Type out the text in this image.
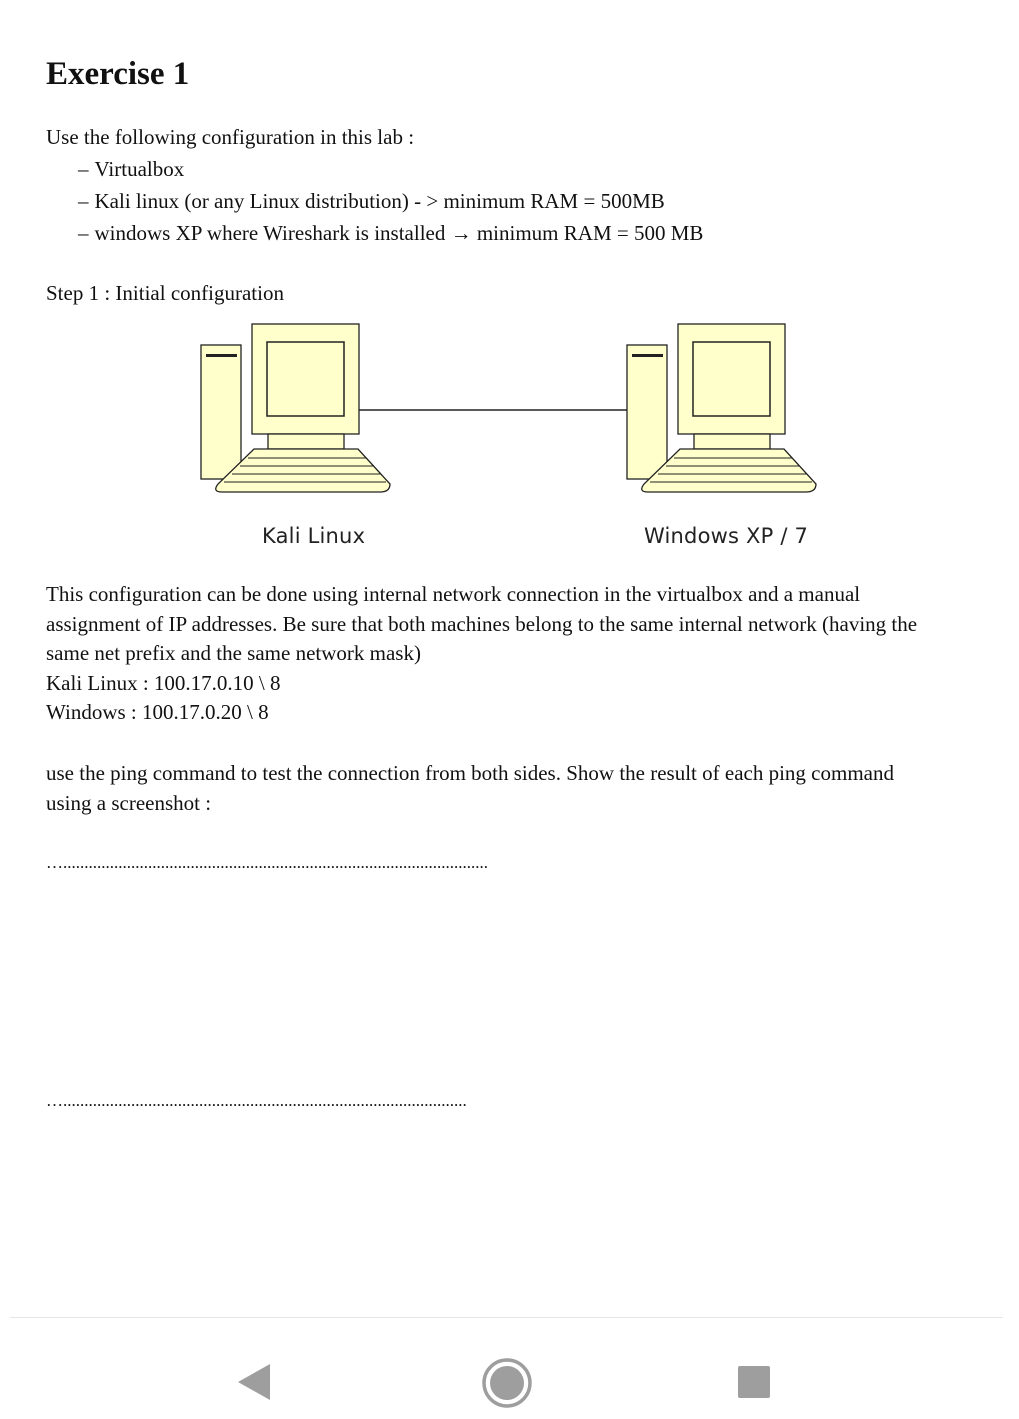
Exercise 1

Use the following configuration in this lab :

– Virtualbox

– Kali linux (or any Linux distribution) - > minimum RAM = 500MB

– windows XP where Wireshark is installed → minimum RAM = 500 MB

Step 1 : Initial configuration

Kali Linux	Windows XP / 7
This configuration can be done using internal network connection in the virtualbox and a manual
assignment of IP addresses. Be sure that both machines belong to the same internal network (having the
same net prefix and the same network mask)
Kali Linux : 100.17.0.10 \ 8
Windows : 100.17.0.20 \ 8
use the ping command to test the connection from both sides. Show the result of each ping command
using a screenshot :
…....................................................................................................
…...............................................................................................
